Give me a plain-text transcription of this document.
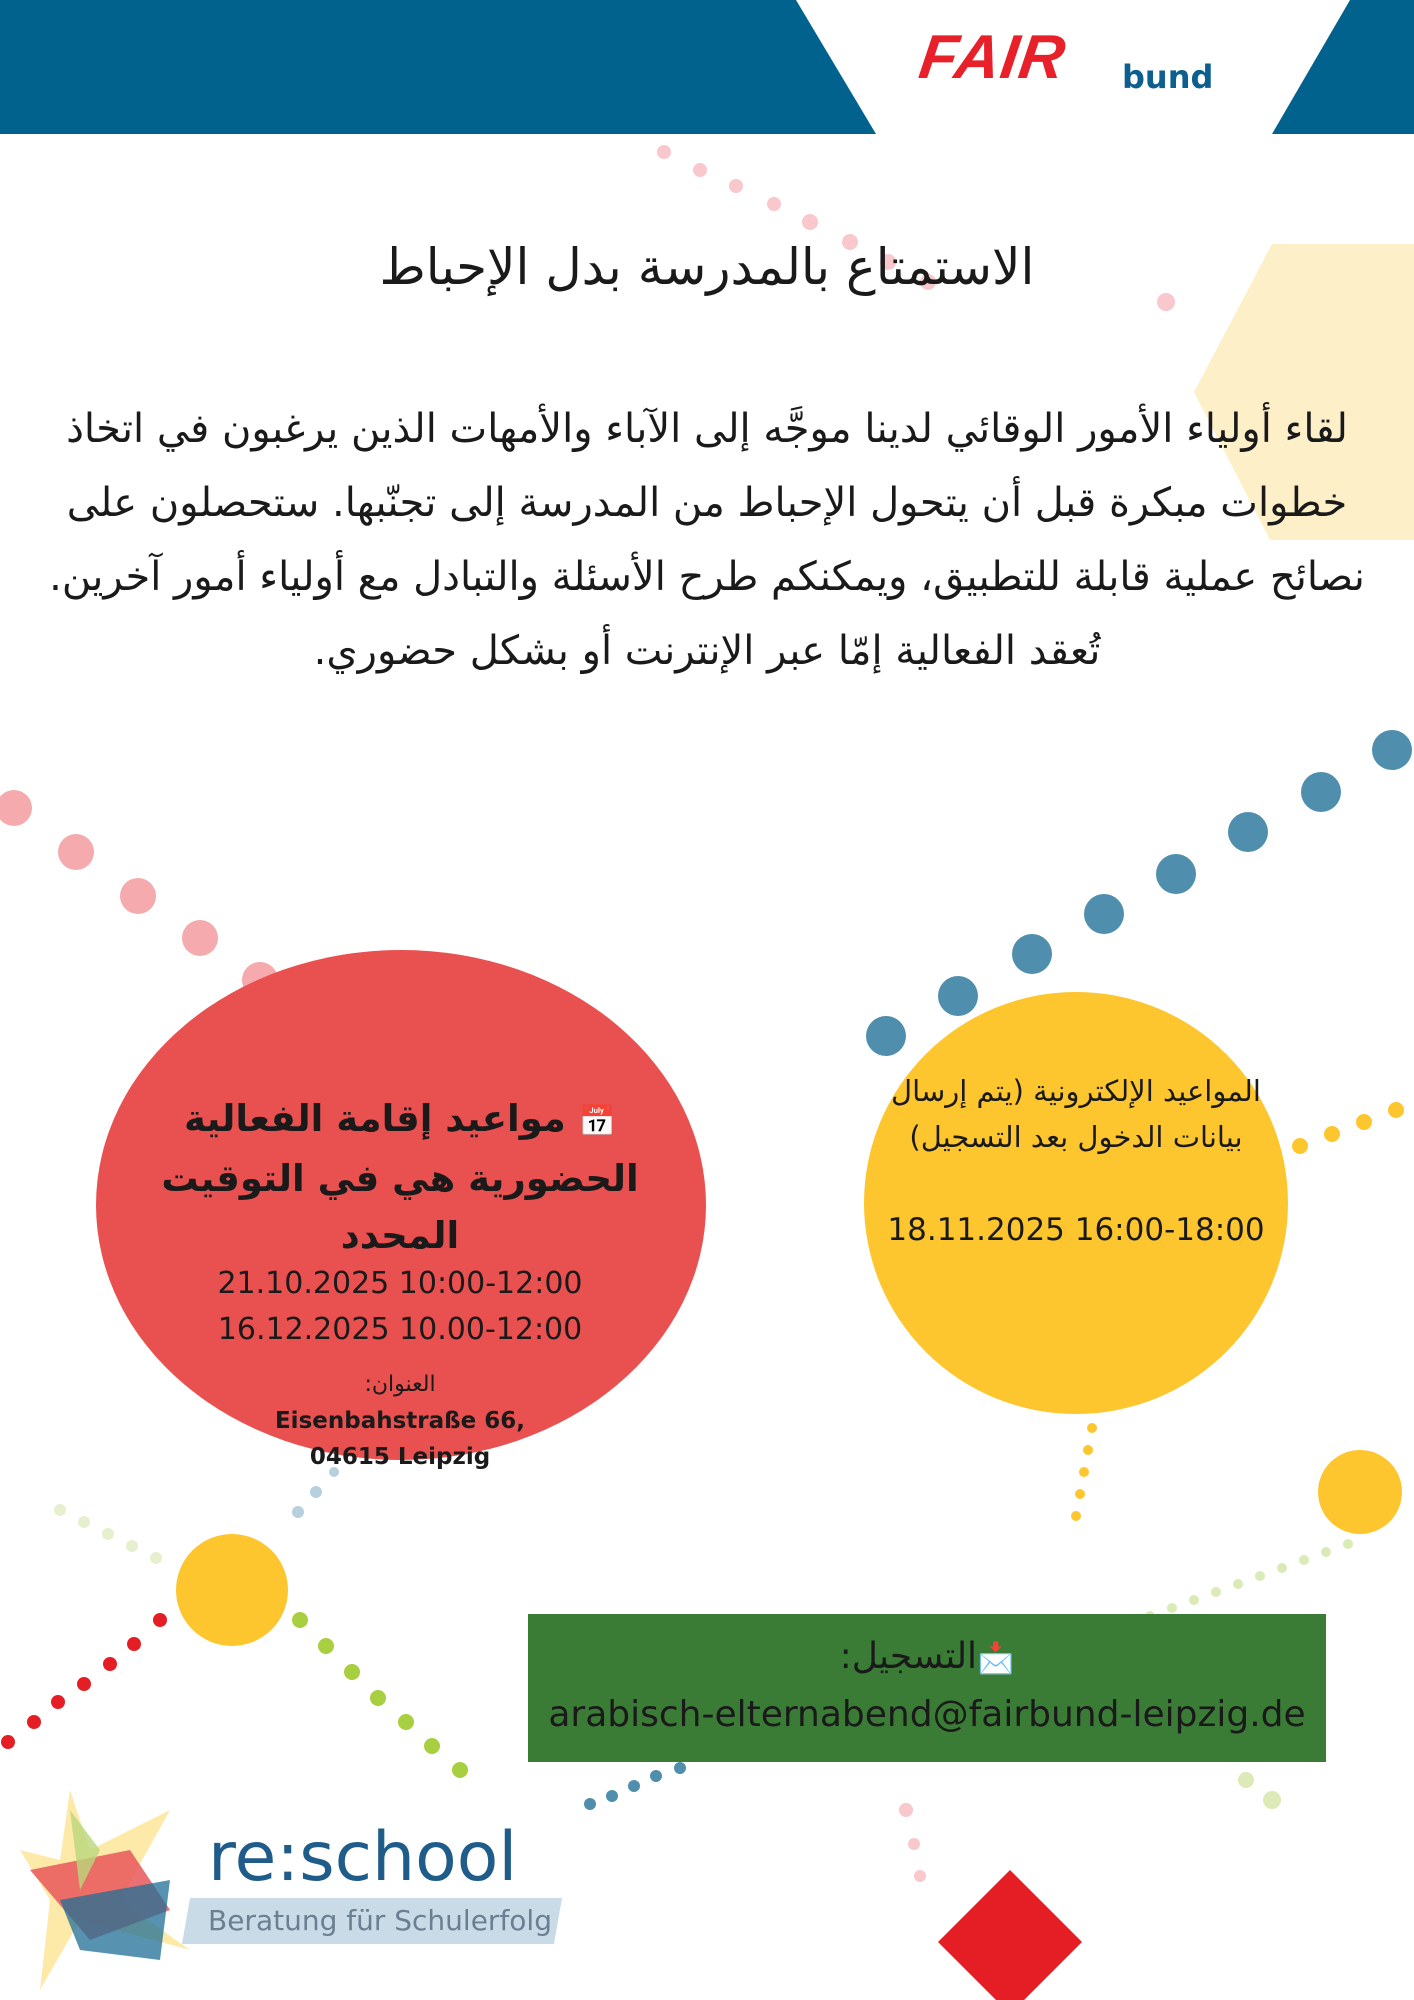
FAIR bund
الاستمتاع بالمدرسة بدل الإحباط
لقاء أولياء الأمور الوقائي لدينا موجَّه إلى الآباء والأمهات الذين يرغبون في اتخاذ خطوات مبكرة قبل أن يتحول الإحباط من المدرسة إلى تجنّبها. ستحصلون على نصائح عملية قابلة للتطبيق، ويمكنكم طرح الأسئلة والتبادل مع أولياء أمور آخرين. تُعقد الفعالية إمّا عبر الإنترنت أو بشكل حضوري.
📅 مواعيد إقامة الفعالية الحضورية هي في التوقيت المحدد
21.10.2025 10:00-12:00
16.12.2025 10.00-12:00
العنوان:
Eisenbahstraße 66,
04615 Leipzig
المواعيد الإلكترونية (يتم إرسال بيانات الدخول بعد التسجيل)
18.11.2025 16:00-18:00
📩التسجيل:
arabisch-elternabend@fairbund-leipzig.de
re:school
Beratung für Schulerfolg
